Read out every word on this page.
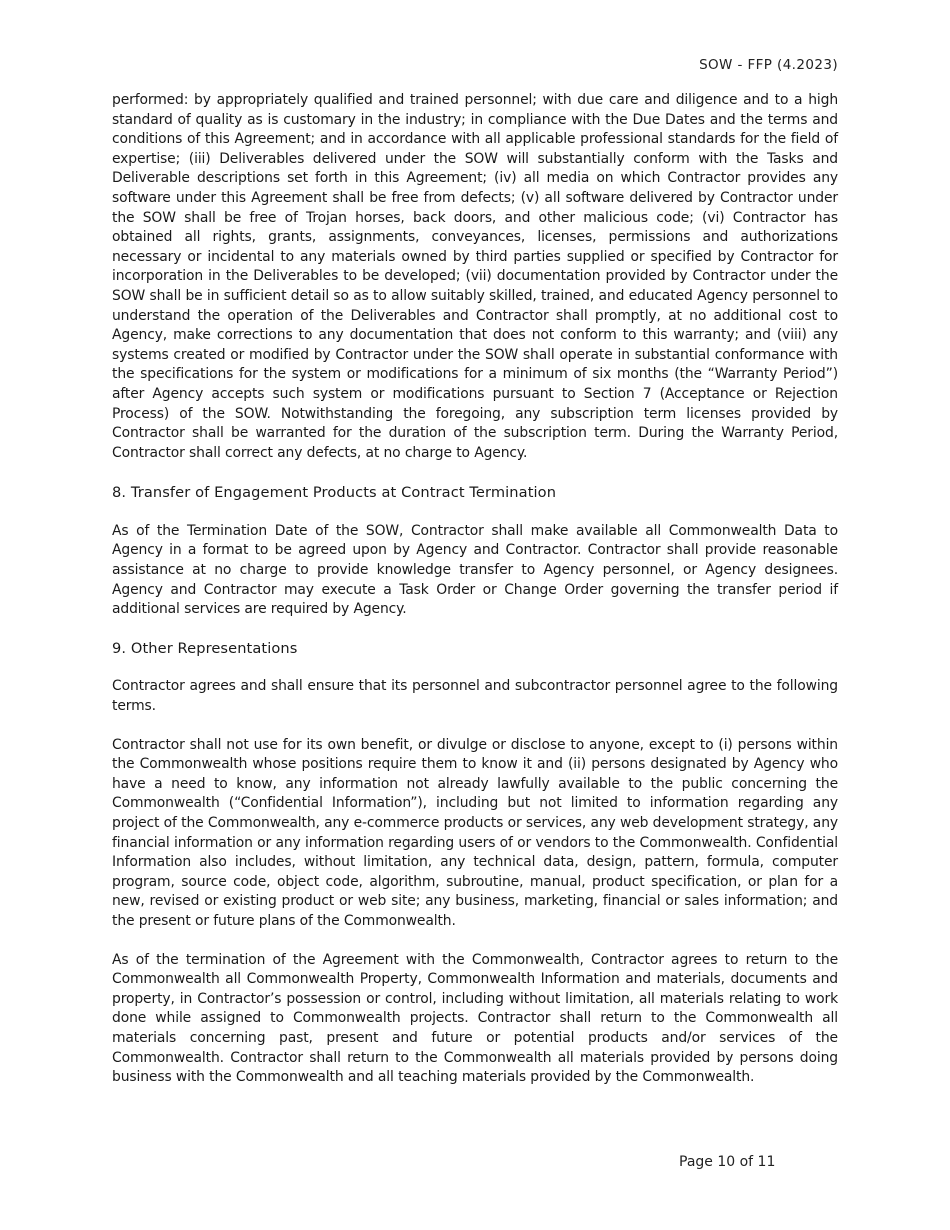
SOW - FFP (4.2023)

performed: by appropriately qualified and trained personnel; with due care and diligence and to a high standard of quality as is customary in the industry; in compliance with the Due Dates and the terms and conditions of this Agreement; and in accordance with all applicable professional standards for the field of expertise; (iii) Deliverables delivered under the SOW will substantially conform with the Tasks and Deliverable descriptions set forth in this Agreement; (iv) all media on which Contractor provides any software under this Agreement shall be free from defects; (v) all software delivered by Contractor under the SOW shall be free of Trojan horses, back doors, and other malicious code; (vi) Contractor has obtained all rights, grants, assignments, conveyances, licenses, permissions and authorizations necessary or incidental to any materials owned by third parties supplied or specified by Contractor for incorporation in the Deliverables to be developed; (vii) documentation provided by Contractor under the SOW shall be in sufficient detail so as to allow suitably skilled, trained, and educated Agency personnel to understand the operation of the Deliverables and Contractor shall promptly, at no additional cost to Agency, make corrections to any documentation that does not conform to this warranty; and (viii) any systems created or modified by Contractor under the SOW shall operate in substantial conformance with the specifications for the system or modifications for a minimum of six months (the “Warranty Period”) after Agency accepts such system or modifications pursuant to Section 7 (Acceptance or Rejection Process) of the SOW. Notwithstanding the foregoing, any subscription term licenses provided by Contractor shall be warranted for the duration of the subscription term. During the Warranty Period, Contractor shall correct any defects, at no charge to Agency.

8. Transfer of Engagement Products at Contract Termination

As of the Termination Date of the SOW, Contractor shall make available all Commonwealth Data to Agency in a format to be agreed upon by Agency and Contractor. Contractor shall provide reasonable assistance at no charge to provide knowledge transfer to Agency personnel, or Agency designees. Agency and Contractor may execute a Task Order or Change Order governing the transfer period if additional services are required by Agency.

9. Other Representations

Contractor agrees and shall ensure that its personnel and subcontractor personnel agree to the following terms.

Contractor shall not use for its own benefit, or divulge or disclose to anyone, except to (i) persons within the Commonwealth whose positions require them to know it and (ii) persons designated by Agency who have a need to know, any information not already lawfully available to the public concerning the Commonwealth (“Confidential Information”), including but not limited to information regarding any project of the Commonwealth, any e-commerce products or services, any web development strategy, any financial information or any information regarding users of or vendors to the Commonwealth. Confidential Information also includes, without limitation, any technical data, design, pattern, formula, computer program, source code, object code, algorithm, subroutine, manual, product specification, or plan for a new, revised or existing product or web site; any business, marketing, financial or sales information; and the present or future plans of the Commonwealth.

As of the termination of the Agreement with the Commonwealth, Contractor agrees to return to the Commonwealth all Commonwealth Property, Commonwealth Information and materials, documents and property, in Contractor’s possession or control, including without limitation, all materials relating to work done while assigned to Commonwealth projects. Contractor shall return to the Commonwealth all materials concerning past, present and future or potential products and/or services of the Commonwealth. Contractor shall return to the Commonwealth all materials provided by persons doing business with the Commonwealth and all teaching materials provided by the Commonwealth.

Page 10 of 11
